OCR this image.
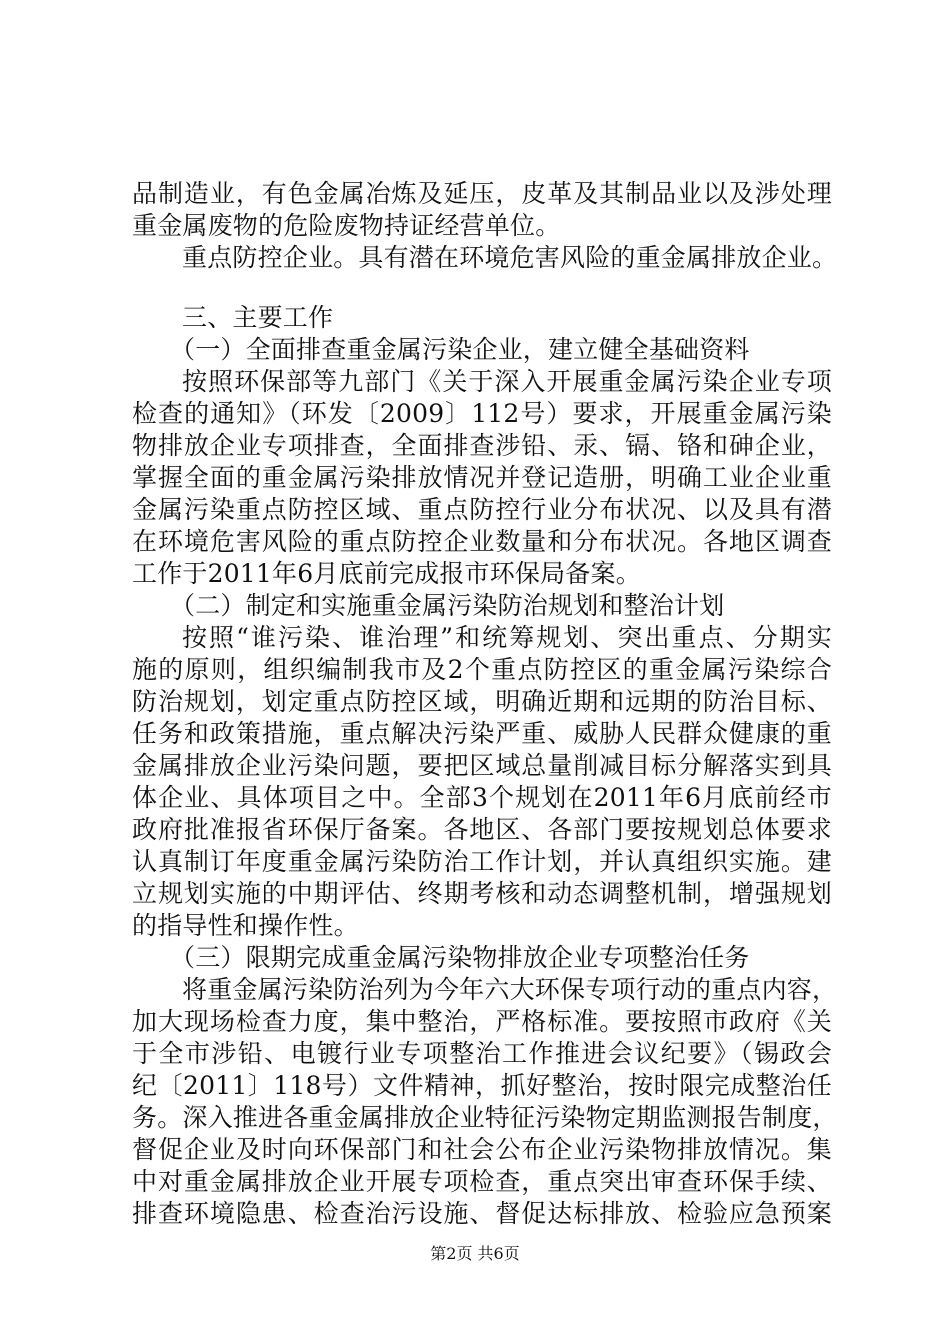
品制造业，有色金属冶炼及延压，皮革及其制品业以及涉处理
重金属废物的危险废物持证经营单位。
重点防控企业。具有潜在环境危害风险的重金属排放企业。
三、主要工作
（一）全面排查重金属污染企业，建立健全基础资料
按照环保部等九部门《关于深入开展重金属污染企业专项
检查的通知》（环发〔2009〕112号）要求，开展重金属污染
物排放企业专项排查，全面排查涉铅、汞、镉、铬和砷企业，
掌握全面的重金属污染排放情况并登记造册，明确工业企业重
金属污染重点防控区域、重点防控行业分布状况、以及具有潜
在环境危害风险的重点防控企业数量和分布状况。各地区调查
工作于2011年6月底前完成报市环保局备案。
（二）制定和实施重金属污染防治规划和整治计划
按照“谁污染、谁治理”和统筹规划、突出重点、分期实
施的原则，组织编制我市及2个重点防控区的重金属污染综合
防治规划，划定重点防控区域，明确近期和远期的防治目标、
任务和政策措施，重点解决污染严重、威胁人民群众健康的重
金属排放企业污染问题，要把区域总量削减目标分解落实到具
体企业、具体项目之中。全部3个规划在2011年6月底前经市
政府批准报省环保厅备案。各地区、各部门要按规划总体要求
认真制订年度重金属污染防治工作计划，并认真组织实施。建
立规划实施的中期评估、终期考核和动态调整机制，增强规划
的指导性和操作性。
（三）限期完成重金属污染物排放企业专项整治任务
将重金属污染防治列为今年六大环保专项行动的重点内容，
加大现场检查力度，集中整治，严格标准。要按照市政府《关
于全市涉铅、电镀行业专项整治工作推进会议纪要》（锡政会
纪〔2011〕118号）文件精神，抓好整治，按时限完成整治任
务。深入推进各重金属排放企业特征污染物定期监测报告制度，
督促企业及时向环保部门和社会公布企业污染物排放情况。集
中对重金属排放企业开展专项检查，重点突出审查环保手续、
排查环境隐患、检查治污设施、督促达标排放、检验应急预案
第2页 共6页
